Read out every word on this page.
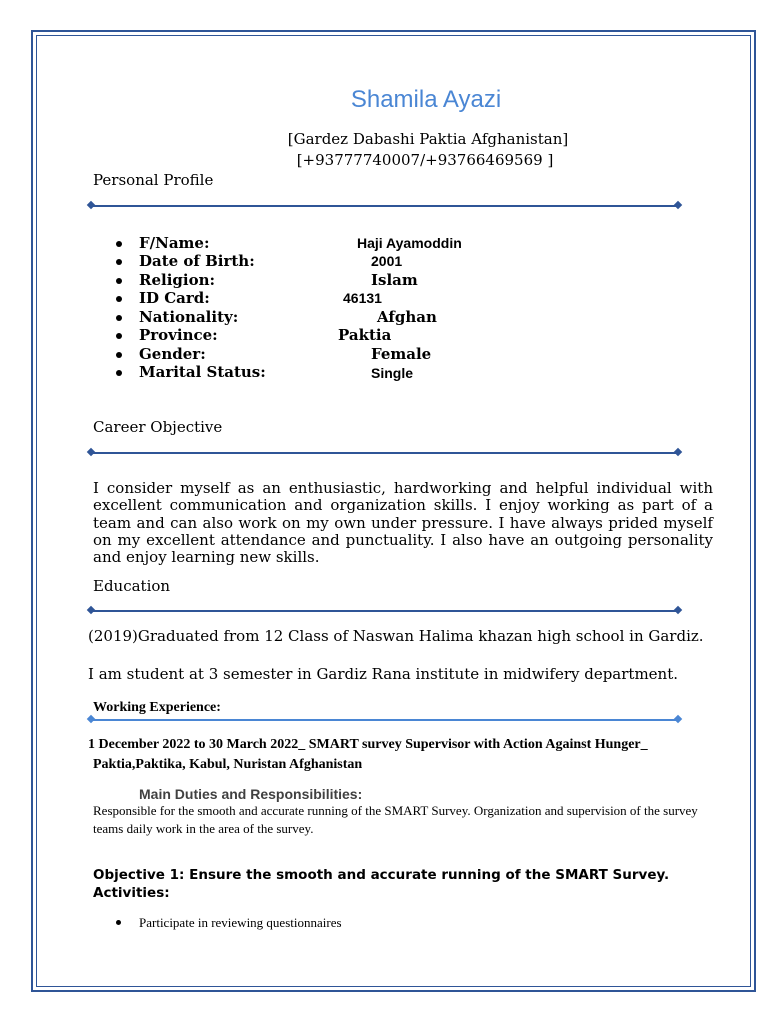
Shamila Ayazi
[Gardez Dabashi Paktia Afghanistan]
[+93777740007/+93766469569 ]
Personal Profile
F/Name:	Haji Ayamoddin
Date of Birth:	2001
Religion:	Islam
ID Card:	46131
Nationality:	Afghan
Province:	Paktia
Gender:	Female
Marital Status:	Single
Career Objective

I consider myself as an enthusiastic, hardworking and helpful individual with excellent communication and organization skills. I enjoy working as part of a team and can also work on my own under pressure. I have always prided myself on my excellent attendance and punctuality. I also have an outgoing personality and enjoy learning new skills.

Education
(2019)Graduated from 12 Class of Naswan Halima khazan high school in Gardiz.
I am student at 3 semester in Gardiz Rana institute in midwifery department.
Working Experience:
1 December 2022 to 30 March 2022_ SMART survey Supervisor with Action Against Hunger_
Paktia,Paktika, Kabul, Nuristan Afghanistan
Main Duties and Responsibilities:

Responsible for the smooth and accurate running of the SMART Survey. Organization and supervision of the survey teams daily work in the area of the survey.

Objective 1: Ensure the smooth and accurate running of the SMART Survey.
Activities:
Participate in reviewing questionnaires
